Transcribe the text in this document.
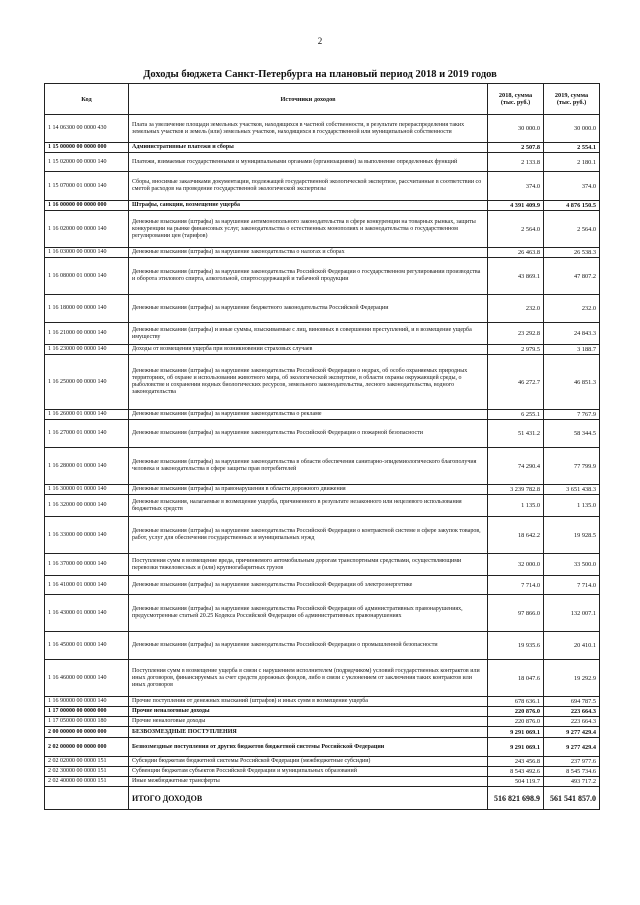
2
Доходы бюджета Санкт-Петербурга на плановый период 2018 и 2019 годов
Код	Источники доходов	2018, сумма (тыс. руб.)	2019, сумма (тыс. руб.)
1 14 06300 00 0000 430	Плата за увеличение площади земельных участков, находящихся в частной собственности, в результате перераспределения таких земельных участков и земель (или) земельных участков, находящихся в государственной или муниципальной собственности	30 000.0	30 000.0
1 15 00000 00 0000 000	Административные платежи и сборы	2 507.8	2 554.1
1 15 02000 00 0000 140	Платежи, взимаемые государственными и муниципальными органами (организациями) за выполнение определенных функций	2 133.8	2 180.1
1 15 07000 01 0000 140	Сборы, вносимые заказчиками документации, подлежащей государственной экологической экспертизе, рассчитанные в соответствии со сметой расходов на проведение государственной экологической экспертизы	374.0	374.0
1 16 00000 00 0000 000	Штрафы, санкции, возмещение ущерба	4 391 409.9	4 876 150.5
1 16 02000 00 0000 140	Денежные взыскания (штрафы) за нарушение антимонопольного законодательства в сфере конкуренции на товарных рынках, защиты конкуренции на рынке финансовых услуг, законодательства о естественных монополиях и законодательства о государственном регулировании цен (тарифов)	2 564.0	2 564.0
1 16 03000 00 0000 140	Денежные взыскания (штрафы) за нарушение законодательства о налогах и сборах	26 463.8	26 538.3
1 16 08000 01 0000 140	Денежные взыскания (штрафы) за нарушение законодательства Российской Федерации о государственном регулировании производства и оборота этилового спирта, алкогольной, спиртосодержащей и табачной продукции	43 869.1	47 807.2
1 16 18000 00 0000 140	Денежные взыскания (штрафы) за нарушение бюджетного законодательства Российской Федерации	232.0	232.0
1 16 21000 00 0000 140	Денежные взыскания (штрафы) и иные суммы, взыскиваемые с лиц, виновных в совершении преступлений, и в возмещение ущерба имуществу	23 292.8	24 843.3
1 16 23000 00 0000 140	Доходы от возмещения ущерба при возникновении страховых случаев	2 979.5	3 188.7
1 16 25000 00 0000 140	Денежные взыскания (штрафы) за нарушение законодательства Российской Федерации о недрах, об особо охраняемых природных территориях, об охране и использовании животного мира, об экологической экспертизе, в области охраны окружающей среды, о рыболовстве и сохранении водных биологических ресурсов, земельного законодательства, лесного законодательства, водного законодательства	46 272.7	46 851.3
1 16 26000 01 0000 140	Денежные взыскания (штрафы) за нарушение законодательства о рекламе	6 255.1	7 767.9
1 16 27000 01 0000 140	Денежные взыскания (штрафы) за нарушение законодательства Российской Федерации о пожарной безопасности	51 431.2	58 344.5
1 16 28000 01 0000 140	Денежные взыскания (штрафы) за нарушение законодательства в области обеспечения санитарно-эпидемиологического благополучия человека и законодательства в сфере защиты прав потребителей	74 290.4	77 799.9
1 16 30000 01 0000 140	Денежные взыскания (штрафы) за правонарушения в области дорожного движения	3 239 782.8	3 651 438.3
1 16 32000 00 0000 140	Денежные взыскания, налагаемые в возмещение ущерба, причиненного в результате незаконного или нецелевого использования бюджетных средств	1 135.0	1 135.0
1 16 33000 00 0000 140	Денежные взыскания (штрафы) за нарушение законодательства Российской Федерации о контрактной системе в сфере закупок товаров, работ, услуг для обеспечения государственных и муниципальных нужд	18 642.2	19 928.5
1 16 37000 00 0000 140	Поступления сумм в возмещение вреда, причиняемого автомобильным дорогам транспортными средствами, осуществляющими перевозки тяжеловесных и (или) крупногабаритных грузов	32 000.0	33 500.0
1 16 41000 01 0000 140	Денежные взыскания (штрафы) за нарушение законодательства Российской Федерации об электроэнергетике	7 714.0	7 714.0
1 16 43000 01 0000 140	Денежные взыскания (штрафы) за нарушение законодательства Российской Федерации об административных правонарушениях, предусмотренные статьей 20.25 Кодекса Российской Федерации об административных правонарушениях	97 866.0	132 007.1
1 16 45000 01 0000 140	Денежные взыскания (штрафы) за нарушение законодательства Российской Федерации о промышленной безопасности	19 935.6	20 410.1
1 16 46000 00 0000 140	Поступления сумм в возмещение ущерба в связи с нарушением исполнителем (подрядчиком) условий государственных контрактов или иных договоров, финансируемых за счет средств дорожных фондов, либо в связи с уклонением от заключения таких контрактов или иных договоров	18 047.6	19 292.9
1 16 90000 00 0000 140	Прочие поступления от денежных взысканий (штрафов) и иных сумм в возмещение ущерба	678 636.1	694 787.5
1 17 00000 00 0000 000	Прочие неналоговые доходы	220 876.0	223 664.3
1 17 05000 00 0000 180	Прочие неналоговые доходы	220 876.0	223 664.3
2 00 00000 00 0000 000	БЕЗВОЗМЕЗДНЫЕ ПОСТУПЛЕНИЯ	9 291 069.1	9 277 429.4
2 02 00000 00 0000 000	Безвозмездные поступления от других бюджетов бюджетной системы Российской Федерации	9 291 069.1	9 277 429.4
2 02 02000 00 0000 151	Субсидии бюджетам бюджетной системы Российской Федерации (межбюджетные субсидии)	243 456.8	237 977.6
2 02 30000 00 0000 151	Субвенции бюджетам субъектов Российской Федерации и муниципальных образований	8 543 492.6	8 545 734.6
2 02 40000 00 0000 151	Иные межбюджетные трансферты	504 119.7	493 717.2
	ИТОГО ДОХОДОВ	516 821 698.9	561 541 857.0
